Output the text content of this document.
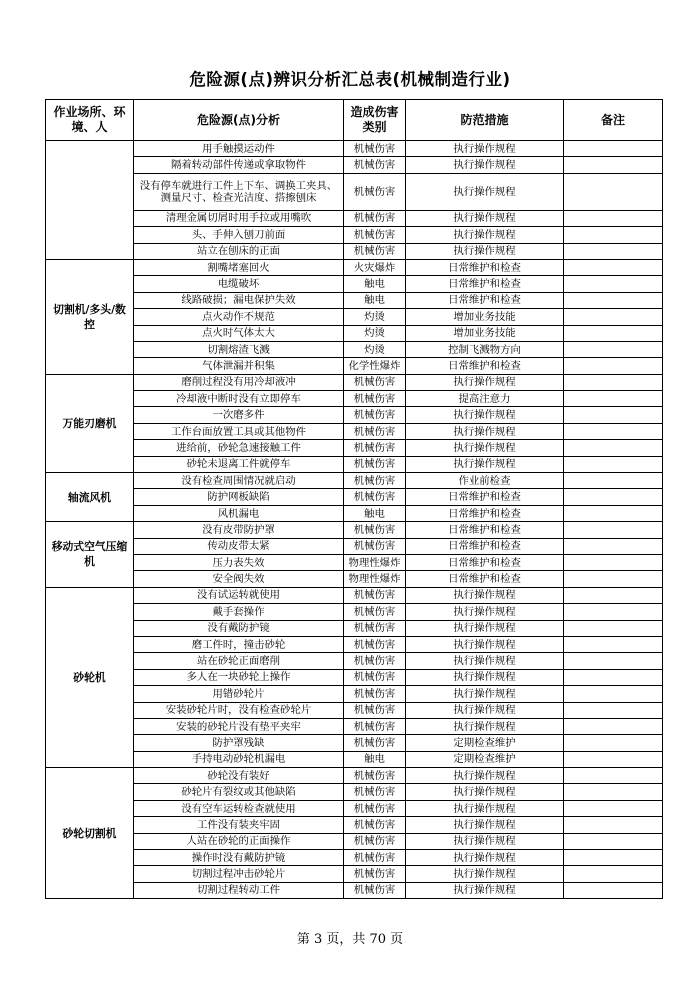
危险源(点)辨识分析汇总表(机械制造行业)
作业场所、环境、人	危险源(点)分析	造成伤害类别	防范措施	备注
	用手触摸运动件	机械伤害	执行操作规程	
	隔着转动部件传递或拿取物件	机械伤害	执行操作规程	
	没有停车就进行工件上下车、调换工夹具、测量尺寸、检查光洁度、搭擦刨床	机械伤害	执行操作规程	
	清理金属切屑时用手拉或用嘴吹	机械伤害	执行操作规程	
	头、手伸入刨刀前面	机械伤害	执行操作规程	
	站立在刨床的正面	机械伤害	执行操作规程	
切割机/多头/数控	割嘴堵塞回火	火灾爆炸	日常维护和检查	
	电缆破坏	触电	日常维护和检查	
	线路破损；漏电保护失效	触电	日常维护和检查	
	点火动作不规范	灼烫	增加业务技能	
	点火时气体太大	灼烫	增加业务技能	
	切割熔渣飞溅	灼烫	控制飞溅物方向	
	气体泄漏并积集	化学性爆炸	日常维护和检查	
万能刃磨机	磨削过程没有用冷却液冲	机械伤害	执行操作规程	
	冷却液中断时没有立即停车	机械伤害	提高注意力	
	一次磨多件	机械伤害	执行操作规程	
	工作台面放置工具或其他物件	机械伤害	执行操作规程	
	进给前，砂轮急速接触工件	机械伤害	执行操作规程	
	砂轮未退离工件就停车	机械伤害	执行操作规程	
轴流风机	没有检查周围情况就启动	机械伤害	作业前检查	
	防护网板缺陷	机械伤害	日常维护和检查	
	风机漏电	触电	日常维护和检查	
移动式空气压缩机	没有皮带防护罩	机械伤害	日常维护和检查	
	传动皮带太紧	机械伤害	日常维护和检查	
	压力表失效	物理性爆炸	日常维护和检查	
	安全阀失效	物理性爆炸	日常维护和检查	
砂轮机	没有试运转就使用	机械伤害	执行操作规程	
	戴手套操作	机械伤害	执行操作规程	
	没有戴防护镜	机械伤害	执行操作规程	
	磨工件时，撞击砂轮	机械伤害	执行操作规程	
	站在砂轮正面磨削	机械伤害	执行操作规程	
	多人在一块砂轮上操作	机械伤害	执行操作规程	
	用错砂轮片	机械伤害	执行操作规程	
	安装砂轮片时，没有检查砂轮片	机械伤害	执行操作规程	
	安装的砂轮片没有垫平夹牢	机械伤害	执行操作规程	
	防护罩残缺	机械伤害	定期检查维护	
	手持电动砂轮机漏电	触电	定期检查维护	
砂轮切割机	砂轮没有装好	机械伤害	执行操作规程	
	砂轮片有裂纹或其他缺陷	机械伤害	执行操作规程	
	没有空车运转检查就使用	机械伤害	执行操作规程	
	工件没有装夹牢固	机械伤害	执行操作规程	
	人站在砂轮的正面操作	机械伤害	执行操作规程	
	操作时没有戴防护镜	机械伤害	执行操作规程	
	切割过程冲击砂轮片	机械伤害	执行操作规程	
	切割过程转动工件	机械伤害	执行操作规程	
第 3 页，共 70 页
